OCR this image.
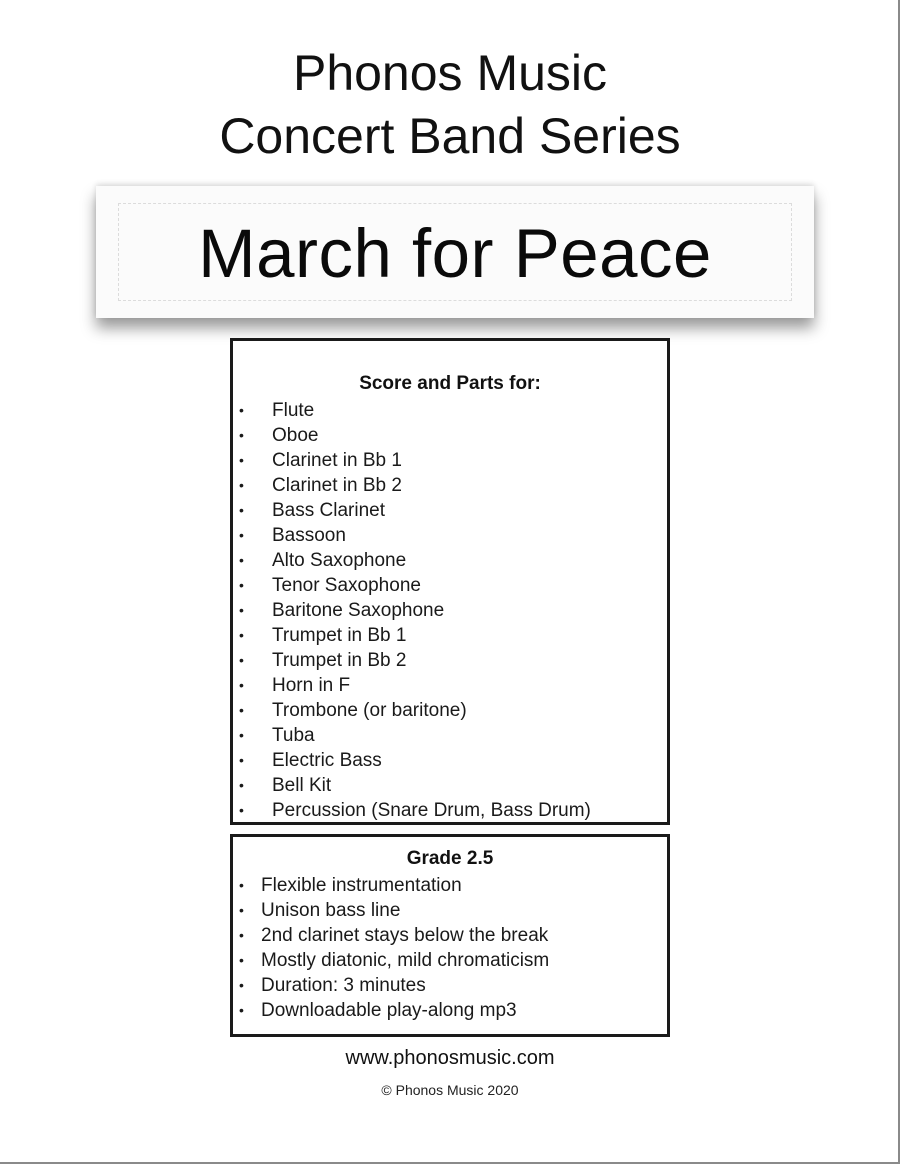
Phonos Music
Concert Band Series
March for Peace
Score and Parts for:
• Flute
• Oboe
• Clarinet in Bb 1
• Clarinet in Bb 2
• Bass Clarinet
• Bassoon
• Alto Saxophone
• Tenor Saxophone
• Baritone Saxophone
• Trumpet in Bb 1
• Trumpet in Bb 2
• Horn in F
• Trombone (or baritone)
• Tuba
• Electric Bass
• Bell Kit
• Percussion (Snare Drum, Bass Drum)
Grade 2.5
• Flexible instrumentation
• Unison bass line
• 2nd clarinet stays below the break
• Mostly diatonic, mild chromaticism
• Duration: 3 minutes
• Downloadable play-along mp3
www.phonosmusic.com
© Phonos Music 2020
